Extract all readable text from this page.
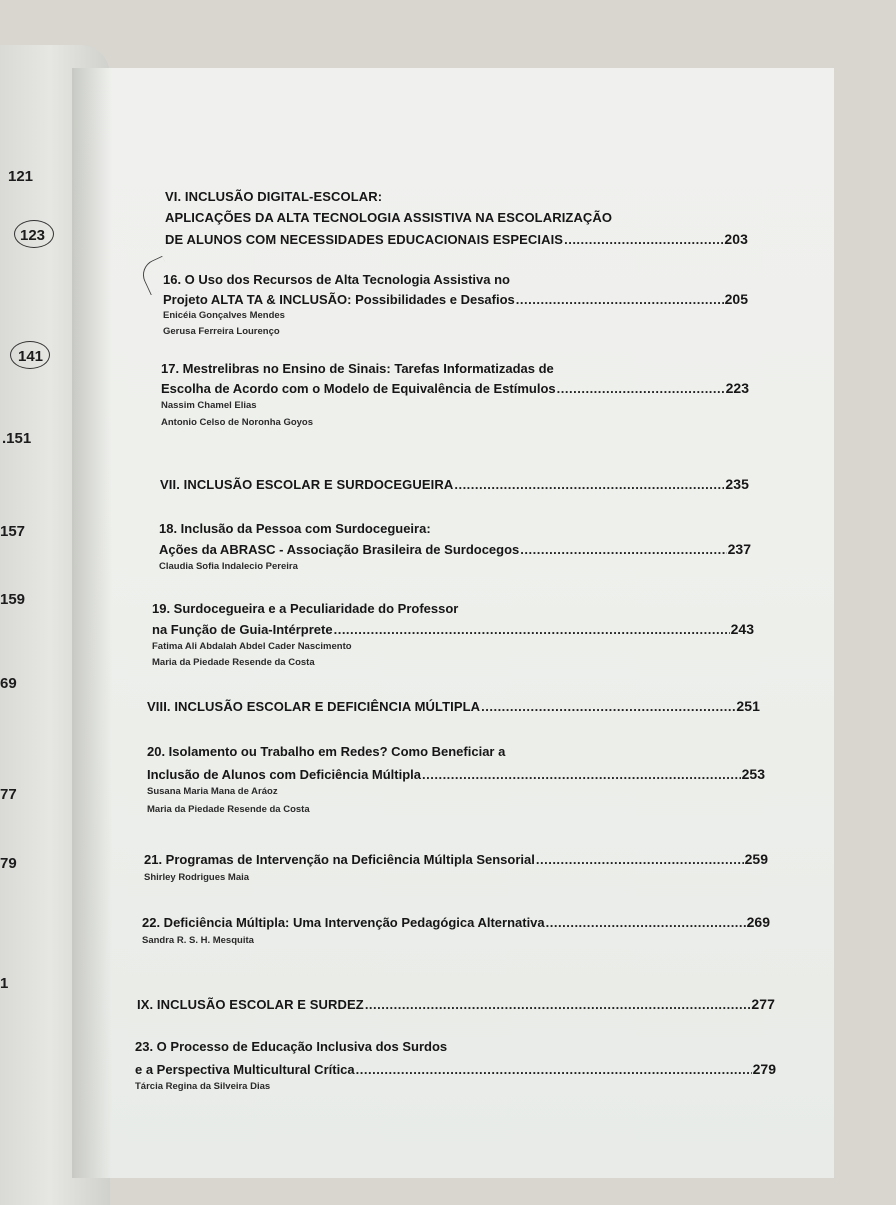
121
123
141
.151
157
159
69
77
79
1
VI. INCLUSÃO DIGITAL-ESCOLAR:
APLICAÇÕES DA ALTA TECNOLOGIA ASSISTIVA NA ESCOLARIZAÇÃO
DE ALUNOS COM NECESSIDADES EDUCACIONAIS ESPECIAIS .....	203
16. O Uso dos Recursos de Alta Tecnologia Assistiva no
Projeto ALTA TA & INCLUSÃO: Possibilidades e Desafios .....	205
Enicéia Gonçalves Mendes
Gerusa Ferreira Lourenço
17. Mestrelibras no Ensino de Sinais: Tarefas Informatizadas de
Escolha de Acordo com o Modelo de Equivalência de Estímulos .....	223
Nassim Chamel Elias
Antonio Celso de Noronha Goyos
VII. INCLUSÃO ESCOLAR E SURDOCEGUEIRA .....	235
18. Inclusão da Pessoa com Surdocegueira:
Ações da ABRASC - Associação Brasileira de Surdocegos .....	237
Claudia Sofia Indalecio Pereira
19. Surdocegueira e a Peculiaridade do Professor
na Função de Guia-Intérprete .....	243
Fatima Ali Abdalah Abdel Cader Nascimento
Maria da Piedade Resende da Costa
VIII. INCLUSÃO ESCOLAR E DEFICIÊNCIA MÚLTIPLA .....	251
20. Isolamento ou Trabalho em Redes? Como Beneficiar a
Inclusão de Alunos com Deficiência Múltipla .....	253
Susana Maria Mana de Aráoz
Maria da Piedade Resende da Costa
21. Programas de Intervenção na Deficiência Múltipla Sensorial .....	259
Shirley Rodrigues Maia
22. Deficiência Múltipla: Uma Intervenção Pedagógica Alternativa .....	269
Sandra R. S. H. Mesquita
IX. INCLUSÃO ESCOLAR E SURDEZ .....	277
23. O Processo de Educação Inclusiva dos Surdos
e a Perspectiva Multicultural Crítica .....	279
Tárcia Regina da Silveira Dias
